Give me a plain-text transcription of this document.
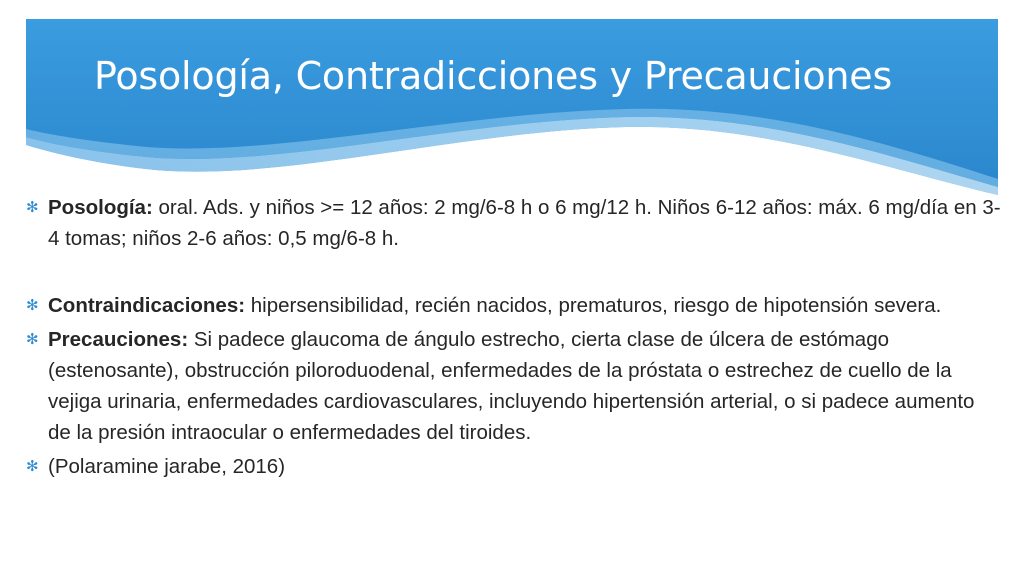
Posología, Contradicciones y Precauciones
✻ Posología: oral. Ads. y niños >= 12 años: 2 mg/6-8 h o 6 mg/12 h. Niños 6-12 años: máx. 6 mg/día en 3-4 tomas; niños 2-6 años: 0,5 mg/6-8 h.
✻ Contraindicaciones: hipersensibilidad, recién nacidos, prematuros, riesgo de hipotensión severa.
✻ Precauciones: Si padece glaucoma de ángulo estrecho, cierta clase de úlcera de estómago (estenosante), obstrucción piloroduodenal, enfermedades de la próstata o estrechez de cuello de la vejiga urinaria, enfermedades cardiovasculares, incluyendo hipertensión arterial, o si padece aumento de la presión intraocular o enfermedades del tiroides.
✻ (Polaramine jarabe, 2016)
